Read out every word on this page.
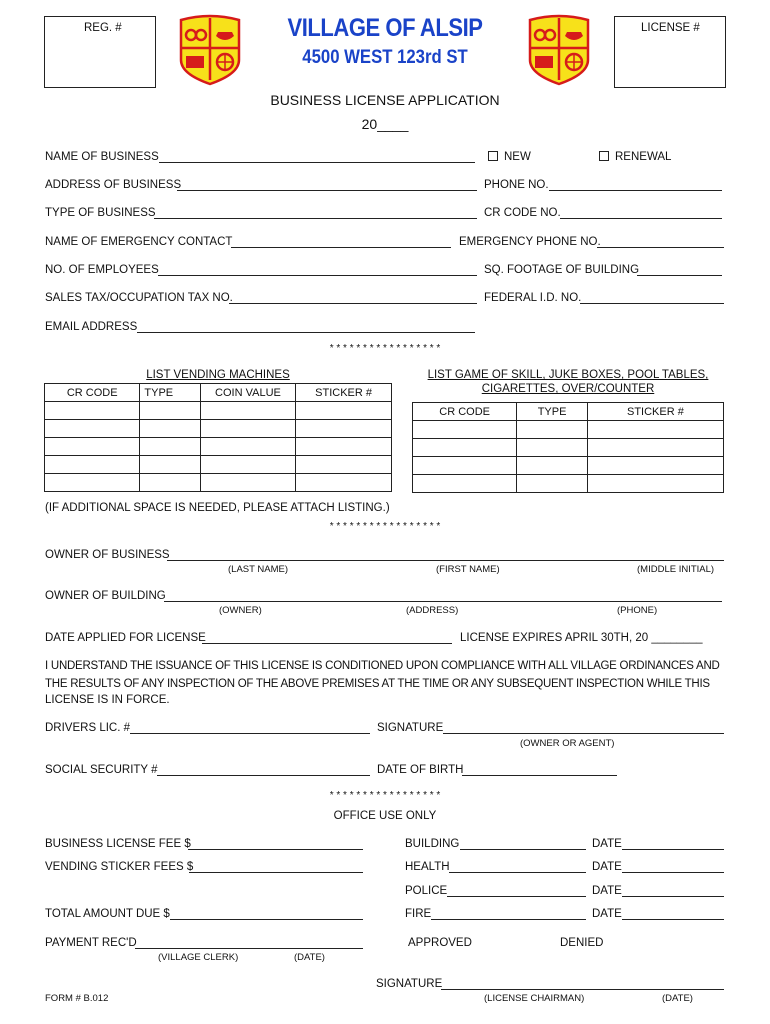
REG. #	LICENSE #
VILLAGE OF ALSIP
4500 WEST 123rd ST
BUSINESS LICENSE APPLICATION
20____
NAME OF BUSINESS	NEW	RENEWAL
ADDRESS OF BUSINESS	PHONE NO.
TYPE OF BUSINESS	CR CODE NO.
NAME OF EMERGENCY CONTACT	EMERGENCY PHONE NO.
NO. OF EMPLOYEES	SQ. FOOTAGE OF BUILDING
SALES TAX/OCCUPATION TAX NO.	FEDERAL I.D. NO.
EMAIL ADDRESS
* * * * * * * * * * * * * * * * *
LIST VENDING MACHINES
CR CODE	TYPE	COIN VALUE	STICKER #

LIST GAME OF SKILL, JUKE BOXES, POOL TABLES,
CIGARETTES, OVER/COUNTER
CR CODE	TYPE	STICKER #

(IF ADDITIONAL SPACE IS NEEDED, PLEASE ATTACH LISTING.)
* * * * * * * * * * * * * * * * *
OWNER OF BUSINESS
(LAST NAME)	(FIRST NAME)	(MIDDLE INITIAL)
OWNER OF BUILDING
(OWNER)	(ADDRESS)	(PHONE)
DATE APPLIED FOR LICENSE	LICENSE EXPIRES APRIL 30TH, 20 ________
I UNDERSTAND THE ISSUANCE OF THIS LICENSE IS CONDITIONED UPON COMPLIANCE WITH ALL VILLAGE ORDINANCES AND
THE RESULTS OF ANY INSPECTION OF THE ABOVE PREMISES AT THE TIME OR ANY SUBSEQUENT INSPECTION WHILE THIS
LICENSE IS IN FORCE.
DRIVERS LIC. #	SIGNATURE
(OWNER OR AGENT)
SOCIAL SECURITY #	DATE OF BIRTH
* * * * * * * * * * * * * * * * *
OFFICE USE ONLY
BUSINESS LICENSE FEE $
VENDING STICKER FEES $
TOTAL AMOUNT DUE $
PAYMENT REC'D
(VILLAGE CLERK)	(DATE)
BUILDING	DATE
HEALTH	DATE
POLICE	DATE
FIRE	DATE
APPROVED	DENIED
SIGNATURE
(LICENSE CHAIRMAN)	(DATE)
FORM # B.012
